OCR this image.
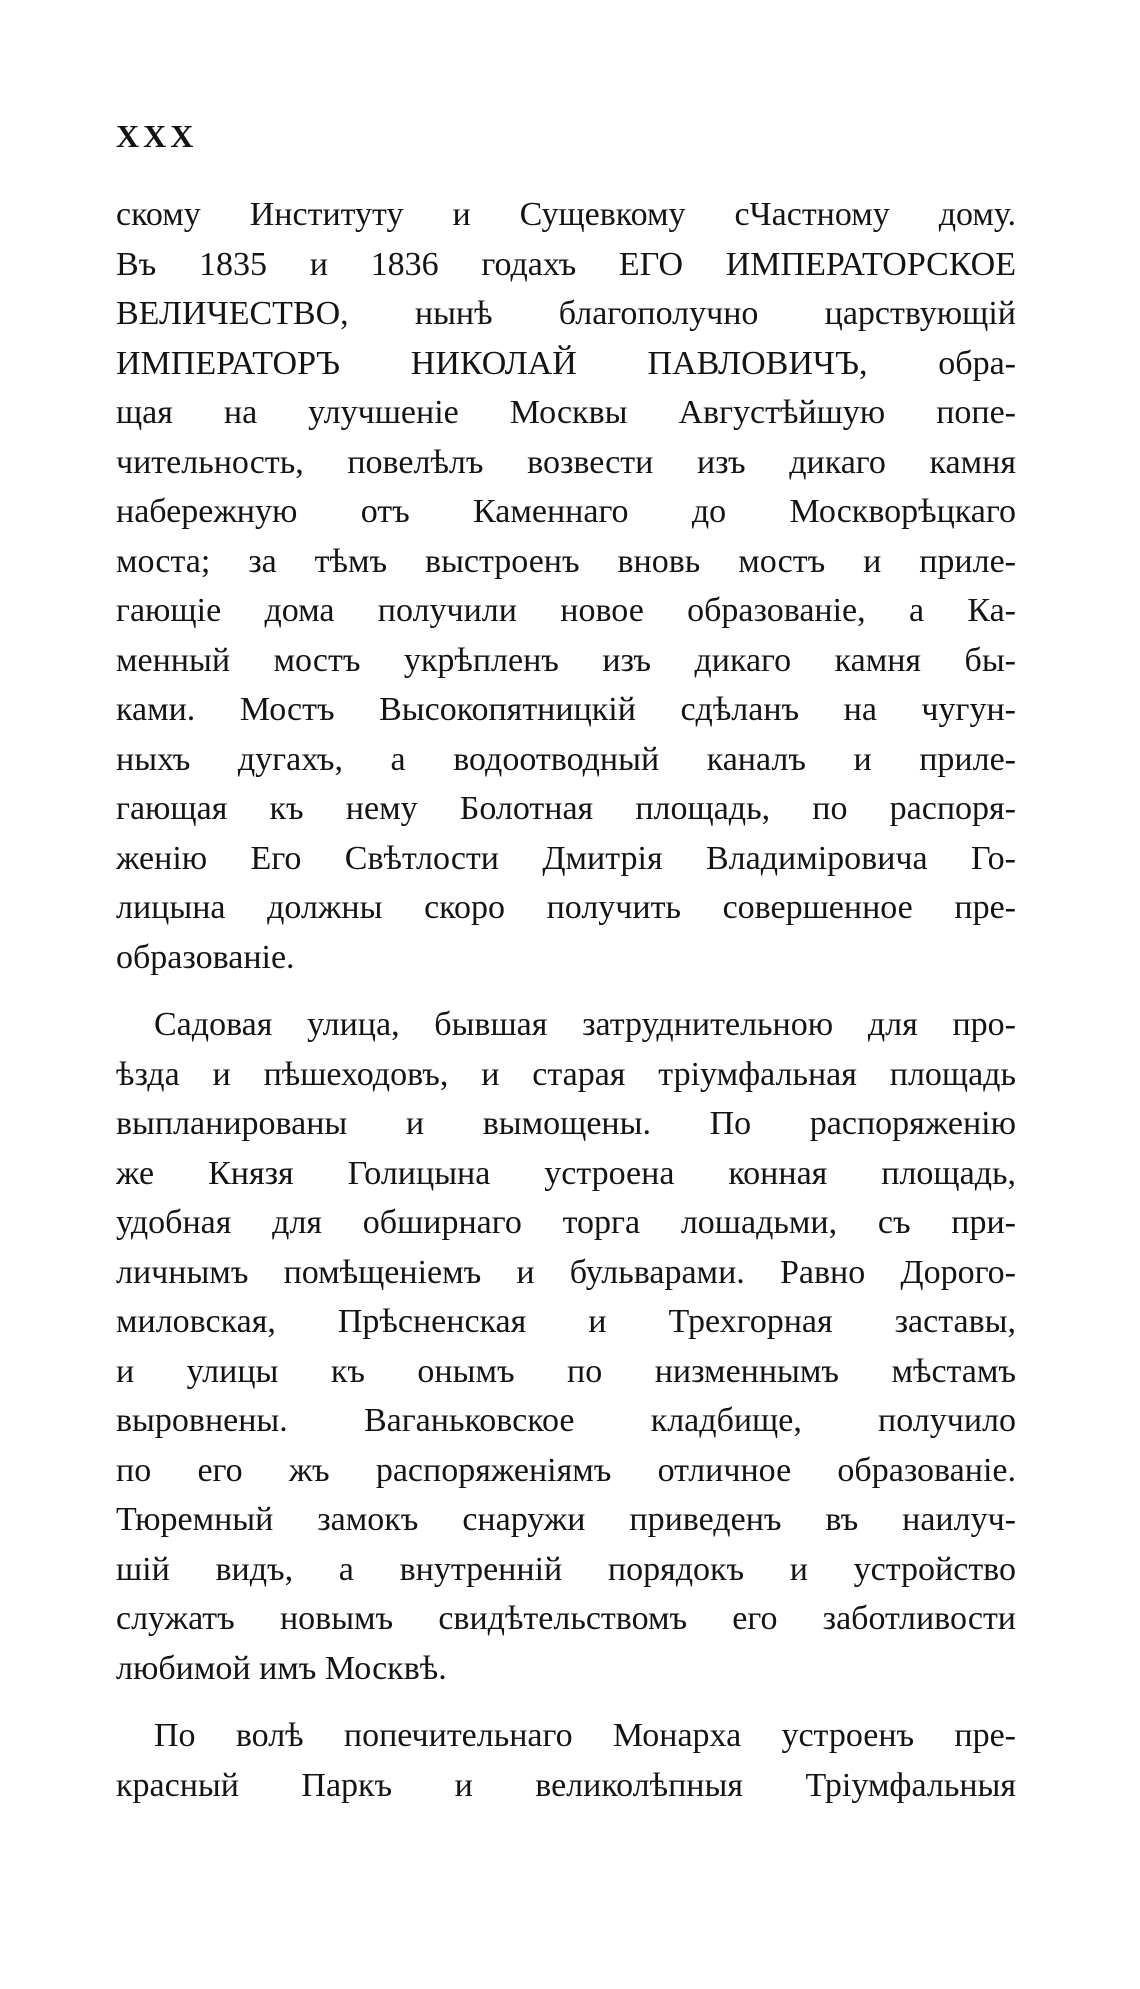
XXX
скому Институту и Сущевкому сЧастному дому.
Въ 1835 и 1836 годахъ ЕГО ИМПЕРАТОРСКОЕ
ВЕЛИЧЕСТВО, нынѣ благополучно царствующій
ИМПЕРАТОРЪ НИКОЛАЙ ПАВЛОВИЧЪ, обра-
щая на улучшеніе Москвы Августѣйшую попе-
чительность, повелѣлъ возвести изъ дикаго камня
набережную отъ Каменнаго до Москворѣцкаго
моста; за тѣмъ выстроенъ вновь мостъ и приле-
гающіе дома получили новое образованіе, а Ка-
менный мостъ укрѣпленъ изъ дикаго камня бы-
ками. Мостъ Высокопятницкій сдѣланъ на чугун-
ныхъ дугахъ, а водоотводный каналъ и приле-
гающая къ нему Болотная площадь, по распоря-
женію Его Свѣтлости Дмитрія Владиміровича Го-
лицына должны скоро получить совершенное пре-
образованіе.
Садовая улица, бывшая затруднительною для про-
ѣзда и пѣшеходовъ, и старая тріумфальная площадь
выпланированы и вымощены. По распоряженію
же Князя Голицына устроена конная площадь,
удобная для обширнаго торга лошадьми, съ при-
личнымъ помѣщеніемъ и бульварами. Равно Дорого-
миловская, Прѣсненская и Трехгорная заставы,
и улицы къ онымъ по низменнымъ мѣстамъ
выровнены. Ваганьковское кладбище, получило
по его жъ распоряженіямъ отличное образованіе.
Тюремный замокъ снаружи приведенъ въ наилуч-
шій видъ, а внутренній порядокъ и устройство
служатъ новымъ свидѣтельствомъ его заботливости
любимой имъ Москвѣ.
По волѣ попечительнаго Монарха устроенъ пре-
красный Паркъ и великолѣпныя Тріумфальныя
